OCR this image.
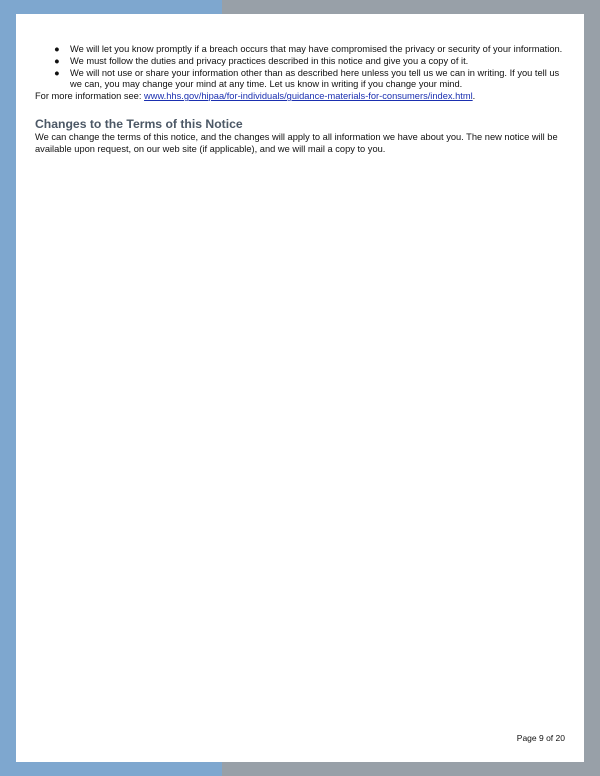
● We will let you know promptly if a breach occurs that may have compromised the privacy or security of your information.
● We must follow the duties and privacy practices described in this notice and give you a copy of it.
● We will not use or share your information other than as described here unless you tell us we can in writing. If you tell us we can, you may change your mind at any time. Let us know in writing if you change your mind.

For more information see: www.hhs.gov/hipaa/for-individuals/guidance-materials-for-consumers/index.html.

Changes to the Terms of this Notice

We can change the terms of this notice, and the changes will apply to all information we have about you. The new notice will be available upon request, on our web site (if applicable), and we will mail a copy to you.

Page 9 of 20
